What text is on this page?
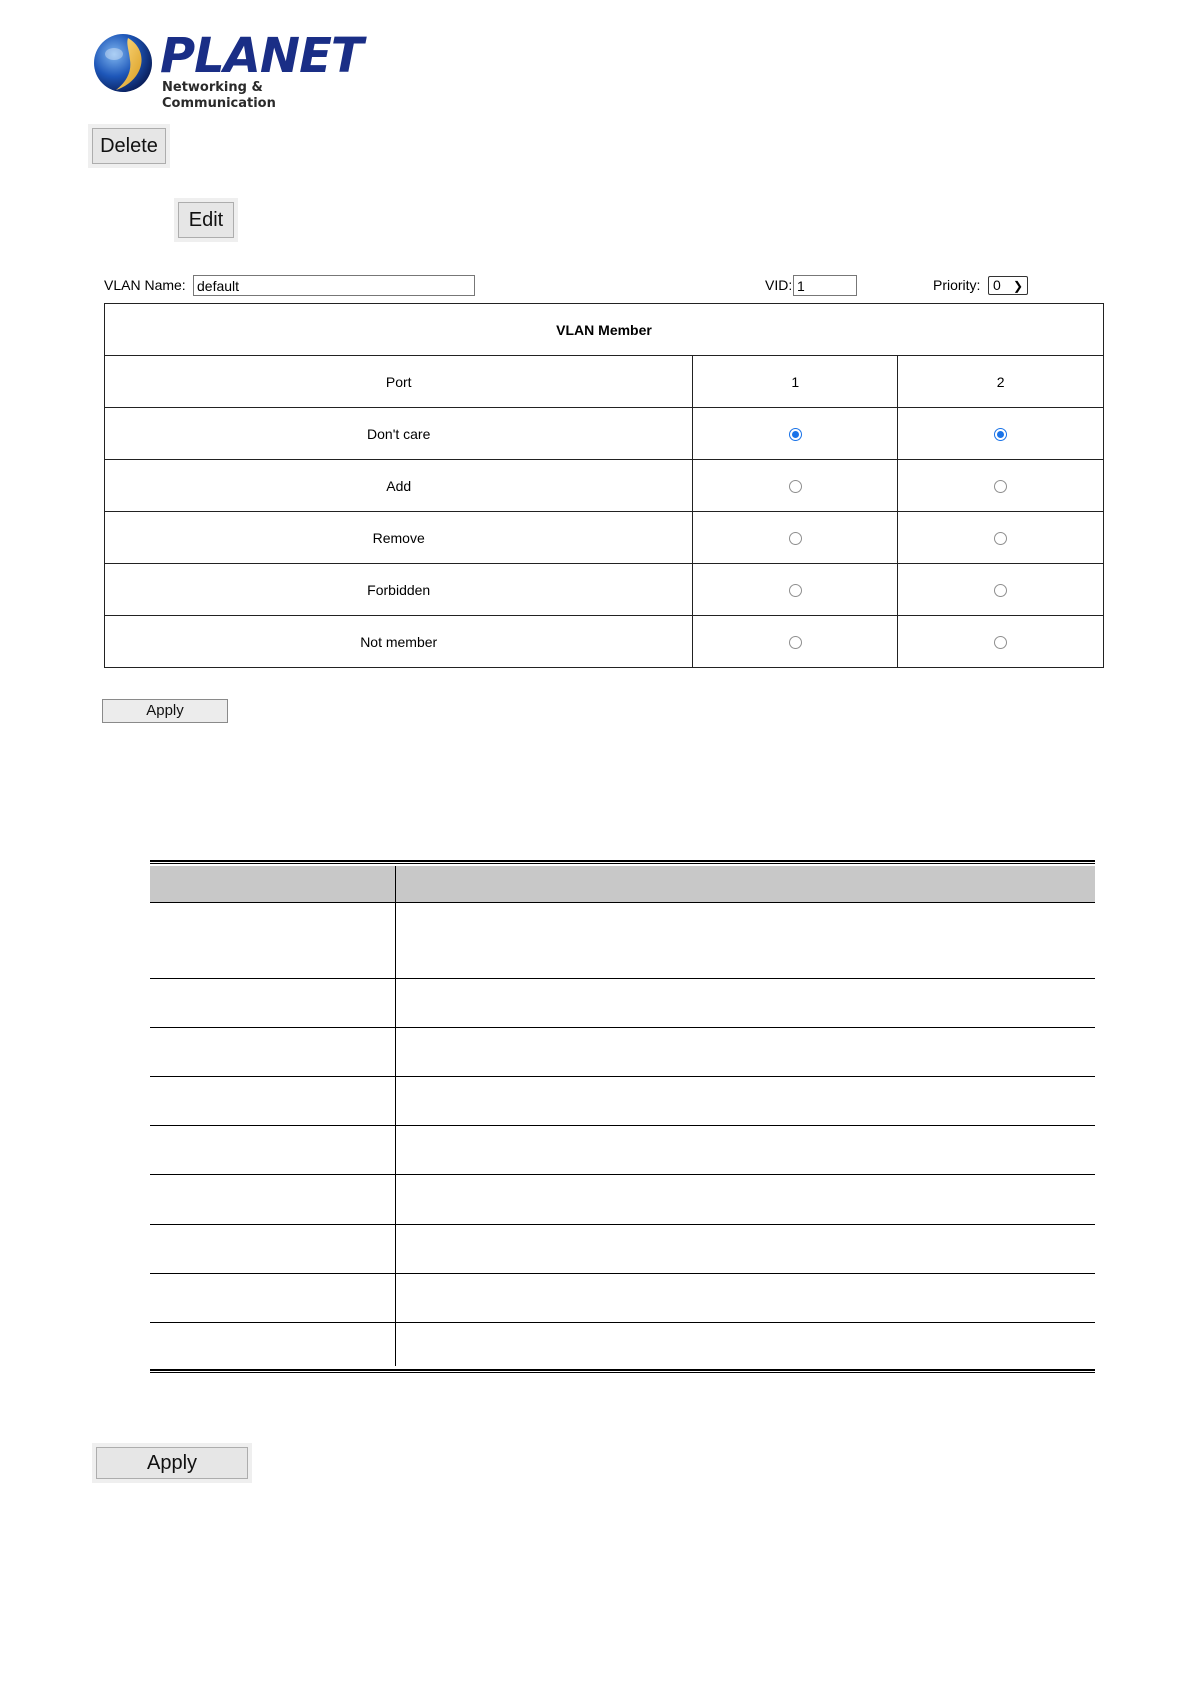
PLANET
Networking & Communication
Delete
Edit
VLAN Name:
default	VID:
1	Priority: 0 ❯
VLAN Member		
Port	1	2
Don't care		
Add		
Remove		
Forbidden		
Not member		
Apply
Apply
